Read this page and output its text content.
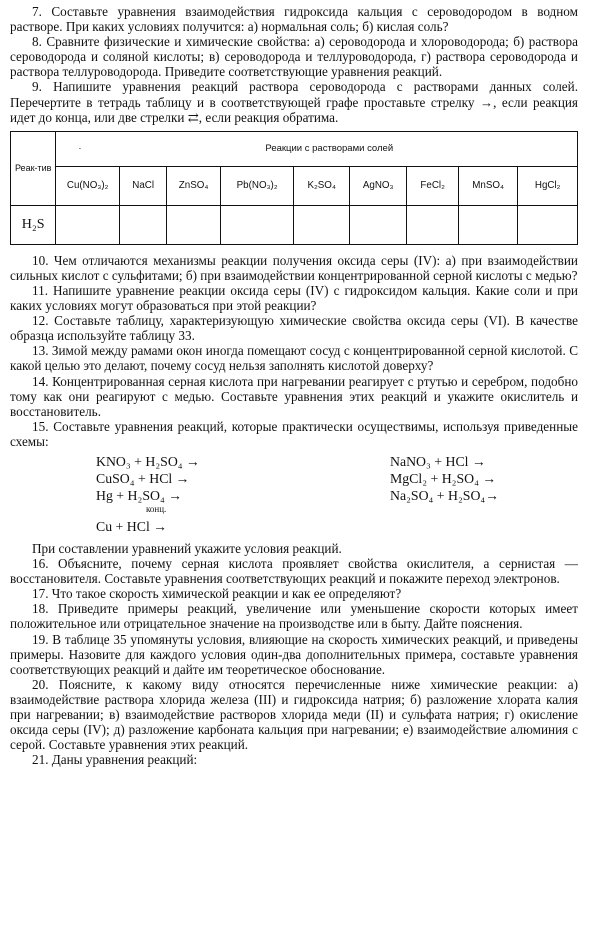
7. Составьте уравнения взаимодействия гидроксида кальция с сероводородом в водном растворе. При каких условиях получится: а) нормальная соль; б) кислая соль?

8. Сравните физические и химические свойства: а) сероводорода и хлороводорода; б) раствора сероводорода и соляной кислоты; в) сероводорода и теллуроводорода, г) раствора сероводорода и раствора теллуроводорода. Приведите соответствующие уравнения реакций.

9. Напишите уравнения реакций раствора сероводорода с растворами данных солей. Перечертите в тетрадь таблицу и в соответствующей графе проставьте стрелку →, если реакция идет до конца, или две стрелки ⇄, если реакция обратима.

Реак-тив	· Реакции с растворами солей								
	Cu(NO₃)₂	NaCl	ZnSO₄	Pb(NO₃)₂	K₂SO₄	AgNO₃	FeCl₂	MnSO₄	HgCl₂
H₂S									

10. Чем отличаются механизмы реакции получения оксида серы (IV): а) при взаимодействии сильных кислот с сульфитами; б) при взаимодействии концентрированной серной кислоты с медью?

11. Напишите уравнение реакции оксида серы (IV) с гидроксидом кальция. Какие соли и при каких условиях могут образоваться при этой реакции?

12. Составьте таблицу, характеризующую химические свойства оксида серы (VI). В качестве образца используйте таблицу 33.

13. Зимой между рамами окон иногда помещают сосуд с концентрированной серной кислотой. С какой целью это делают, почему сосуд нельзя заполнять кислотой доверху?

14. Концентрированная серная кислота при нагревании реагирует с ртутью и серебром, подобно тому как они реагируют с медью. Составьте уравнения этих реакций и укажите окислитель и восстановитель.

15. Составьте уравнения реакций, которые практически осуществимы, используя приведенные схемы:

KNO₃ + H₂SO₄ →
CuSO₄ + HCl →
Hg + H₂SO₄ →
конц.
Cu + HCl →
NaNO₃ + HCl →
MgCl₂ + H₂SO₄ →
Na₂SO₄ + H₂SO₄→

При составлении уравнений укажите условия реакций.

16. Объясните, почему серная кислота проявляет свойства окислителя, а сернистая — восстановителя. Составьте уравнения соответствующих реакций и покажите переход электронов.

17. Что такое скорость химической реакции и как ее определяют?

18. Приведите примеры реакций, увеличение или уменьшение скорости которых имеет положительное или отрицательное значение на производстве или в быту. Дайте пояснения.

19. В таблице 35 упомянуты условия, влияющие на скорость химических реакций, и приведены примеры. Назовите для каждого условия один-два дополнительных примера, составьте уравнения соответствующих реакций и дайте им теоретическое обоснование.

20. Поясните, к какому виду относятся перечисленные ниже химические реакции: а) взаимодействие раствора хлорида железа (III) и гидроксида натрия; б) разложение хлората калия при нагревании; в) взаимодействие растворов хлорида меди (II) и сульфата натрия; г) окисление оксида серы (IV); д) разложение карбоната кальция при нагревании; е) взаимодействие алюминия с серой. Составьте уравнения этих реакций.

21. Даны уравнения реакций:
